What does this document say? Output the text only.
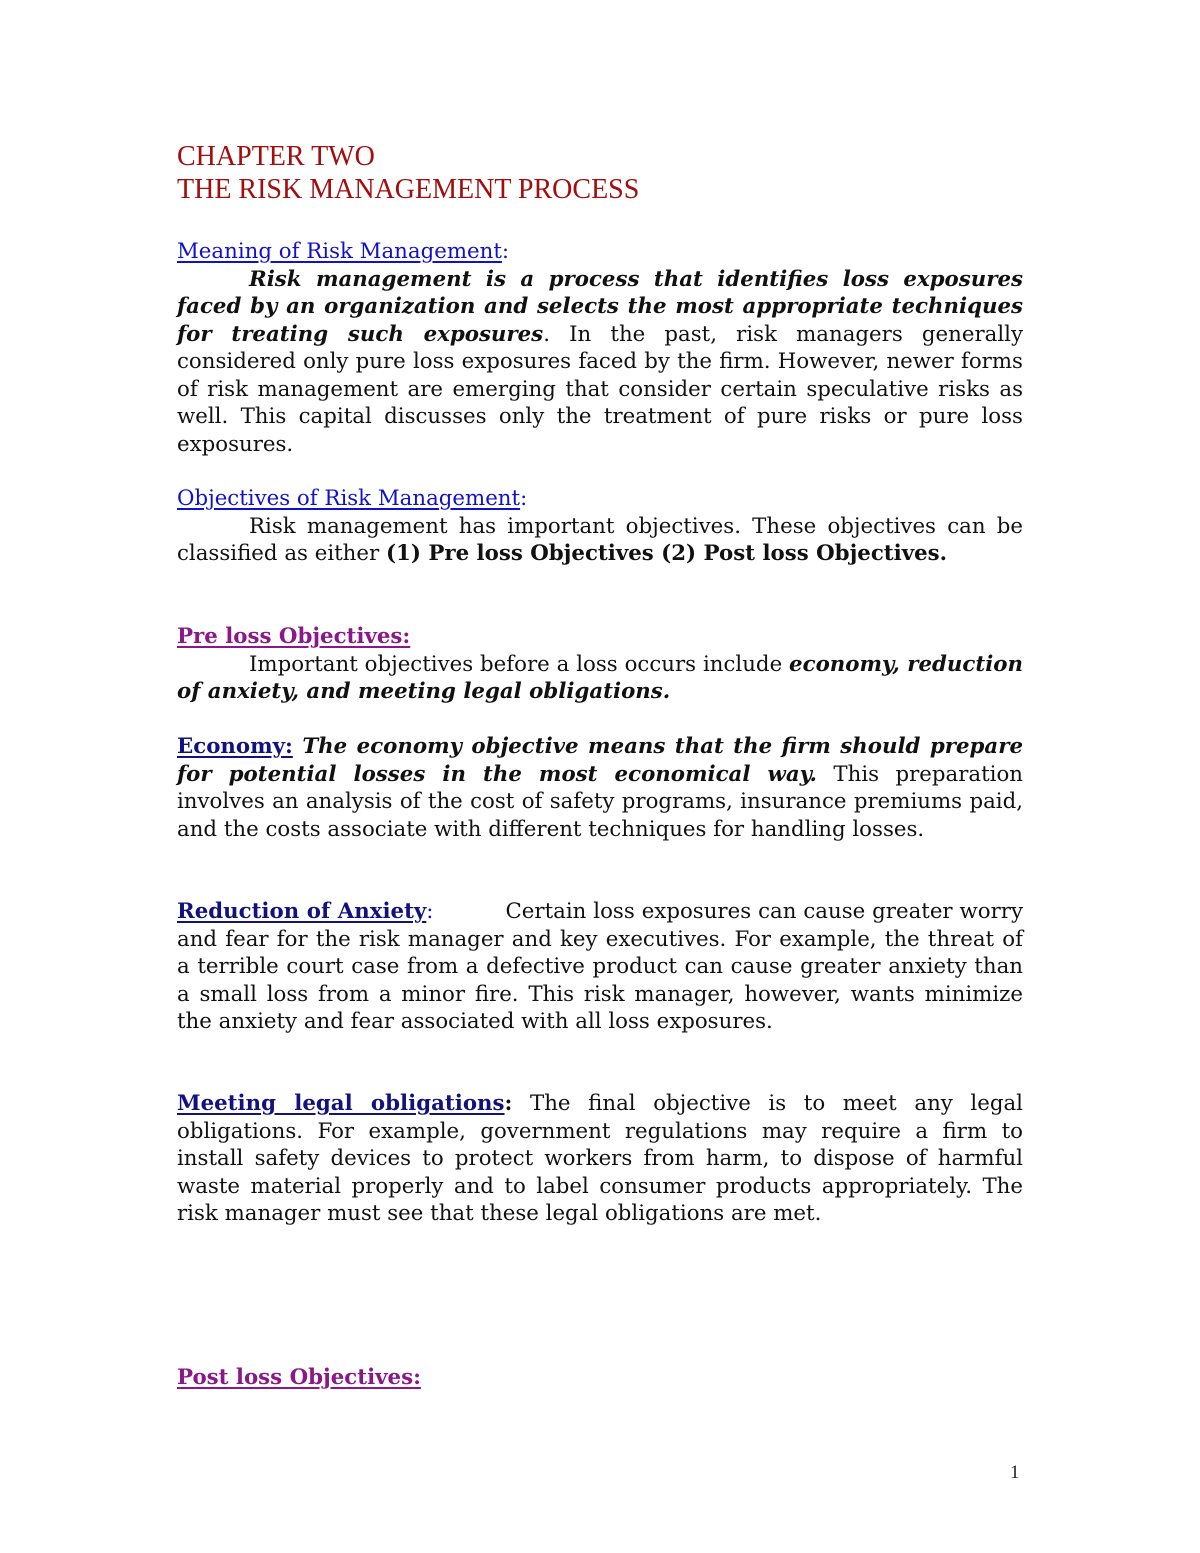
CHAPTER TWO
THE RISK MANAGEMENT PROCESS

Meaning of Risk Management:
Risk management is a process that identifies loss exposures faced by an organization and selects the most appropriate techniques for treating such exposures. In the past, risk managers generally considered only pure loss exposures faced by the firm. However, newer forms of risk management are emerging that consider certain speculative risks as well. This capital discusses only the treatment of pure risks or pure loss exposures.

Objectives of Risk Management:
Risk management has important objectives. These objectives can be classified as either (1) Pre loss Objectives (2) Post loss Objectives.

Pre loss Objectives:
Important objectives before a loss occurs include economy, reduction of anxiety, and meeting legal obligations.

Economy: The economy objective means that the firm should prepare for potential losses in the most economical way. This preparation involves an analysis of the cost of safety programs, insurance premiums paid, and the costs associate with different techniques for handling losses.

Reduction of Anxiety:	Certain loss exposures can cause greater worry and fear for the risk manager and key executives. For example, the threat of a terrible court case from a defective product can cause greater anxiety than a small loss from a minor fire. This risk manager, however, wants minimize the anxiety and fear associated with all loss exposures.

Meeting legal obligations: The final objective is to meet any legal obligations. For example, government regulations may require a firm to install safety devices to protect workers from harm, to dispose of harmful waste material properly and to label consumer products appropriately. The risk manager must see that these legal obligations are met.

Post loss Objectives:

1
